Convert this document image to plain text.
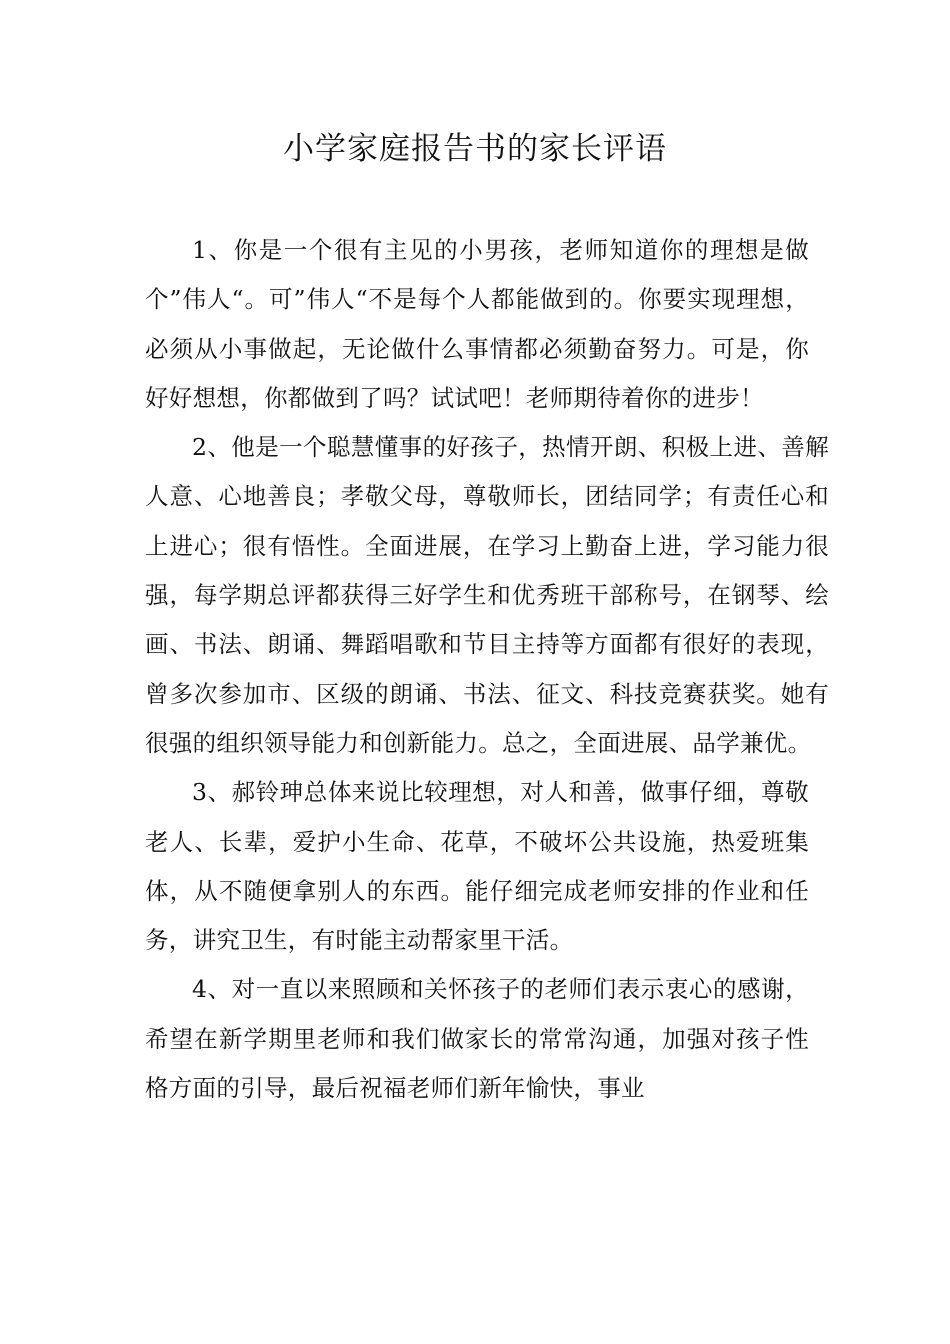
小学家庭报告书的家长评语

1、你是一个很有主见的小男孩，老师知道你的理想是做个”伟人“。可”伟人“不是每个人都能做到的。你要实现理想，必须从小事做起，无论做什么事情都必须勤奋努力。可是，你好好想想，你都做到了吗？试试吧！老师期待着你的进步！

2、他是一个聪慧懂事的好孩子，热情开朗、积极上进、善解人意、心地善良；孝敬父母，尊敬师长，团结同学；有责任心和上进心；很有悟性。全面进展，在学习上勤奋上进，学习能力很强，每学期总评都获得三好学生和优秀班干部称号，在钢琴、绘画、书法、朗诵、舞蹈唱歌和节目主持等方面都有很好的表现，曾多次参加市、区级的朗诵、书法、征文、科技竞赛获奖。她有很强的组织领导能力和创新能力。总之，全面进展、品学兼优。

3、郝铃珅总体来说比较理想，对人和善，做事仔细，尊敬老人、长辈，爱护小生命、花草，不破坏公共设施，热爱班集体，从不随便拿别人的东西。能仔细完成老师安排的作业和任务，讲究卫生，有时能主动帮家里干活。

4、对一直以来照顾和关怀孩子的老师们表示衷心的感谢，希望在新学期里老师和我们做家长的常常沟通，加强对孩子性格方面的引导，最后祝福老师们新年愉快，事业
